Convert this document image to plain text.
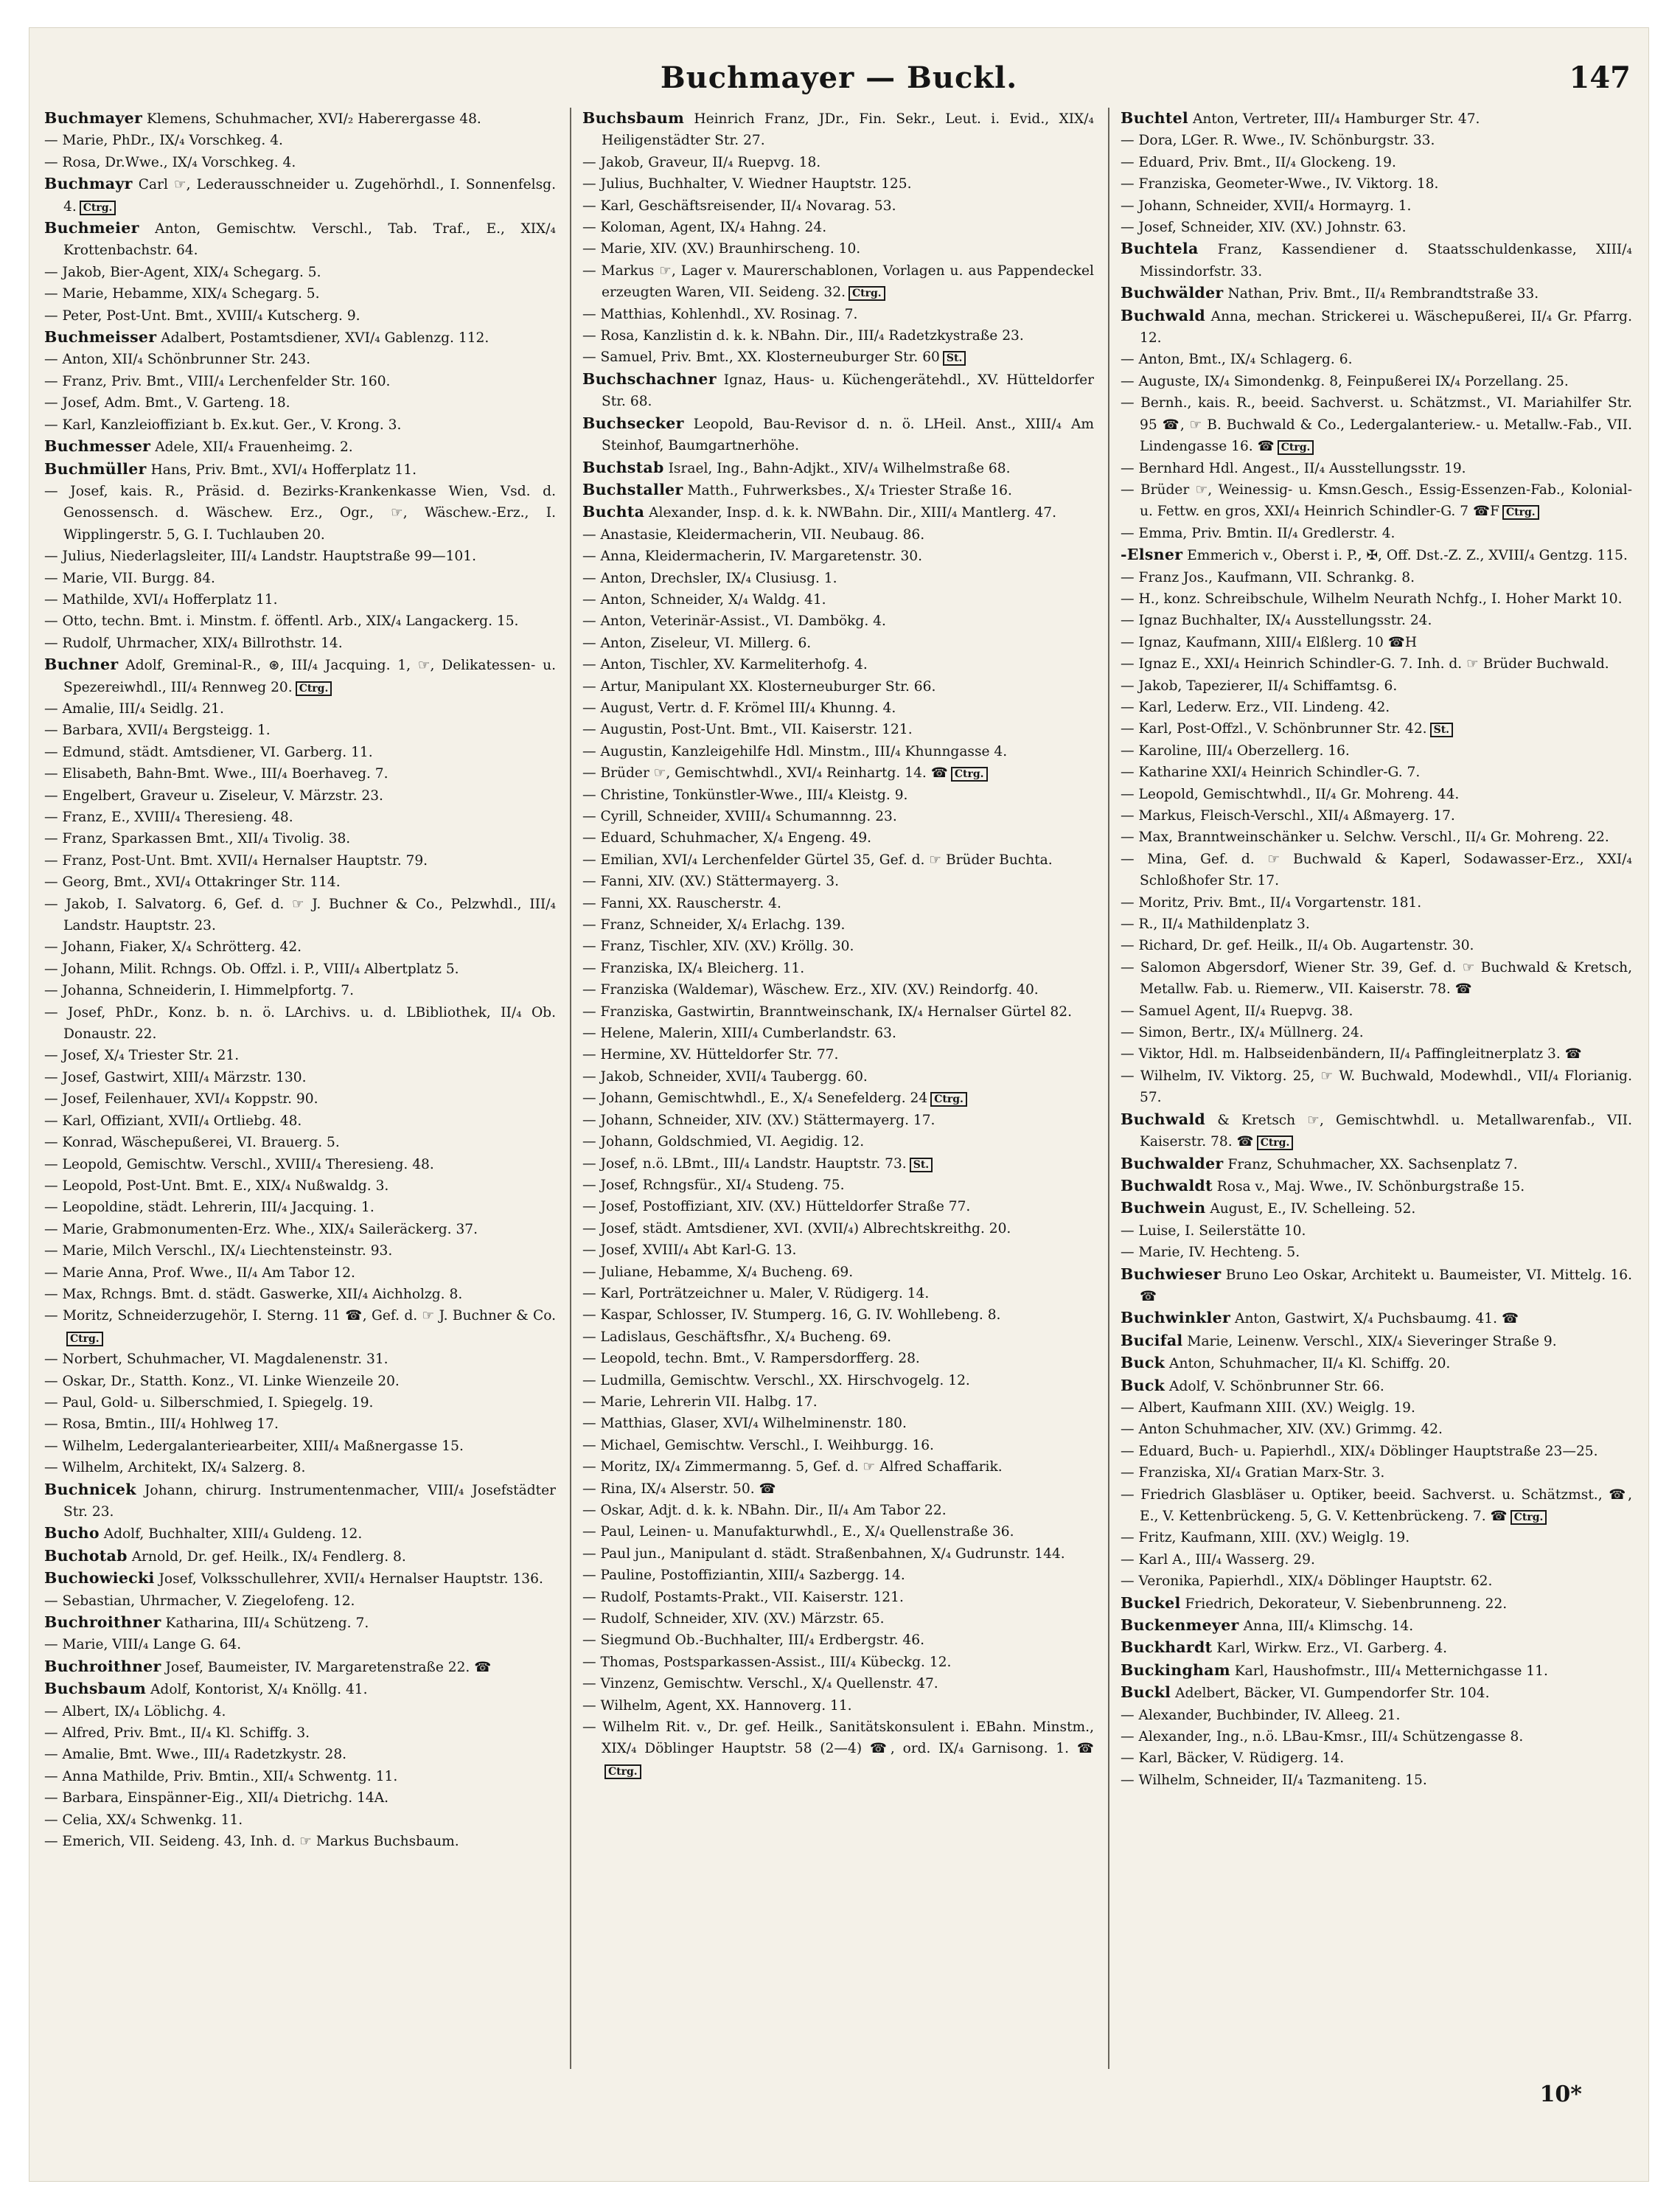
Buchmayer — Buckl.	147
Buchmayer Klemens, Schuhmacher, XVI/₂ Haberergasse 48.
— Marie, PhDr., IX/₄ Vorschkeg. 4.
— Rosa, Dr.Wwe., IX/₄ Vorschkeg. 4.
Buchmayr Carl ☞, Lederausschneider u. Zugehörhdl., I. Sonnenfelsg. 4. Ctrg.
Buchmeier Anton, Gemischtw. Verschl., Tab. Traf., E., XIX/₄ Krottenbachstr. 64.
— Jakob, Bier-Agent, XIX/₄ Schegarg. 5.
— Marie, Hebamme, XIX/₄ Schegarg. 5.
— Peter, Post-Unt. Bmt., XVIII/₄ Kutscherg. 9.
Buchmeisser Adalbert, Postamtsdiener, XVI/₄ Gablenzg. 112.
— Anton, XII/₄ Schönbrunner Str. 243.
— Franz, Priv. Bmt., VIII/₄ Lerchenfelder Str. 160.
— Josef, Adm. Bmt., V. Garteng. 18.
— Karl, Kanzleioffiziant b. Ex.kut. Ger., V. Krong. 3.
Buchmesser Adele, XII/₄ Frauenheimg. 2.
Buchmüller Hans, Priv. Bmt., XVI/₄ Hofferplatz 11.
— Josef, kais. R., Präsid. d. Bezirks-Krankenkasse Wien, Vsd. d. Genossensch. d. Wäschew. Erz., Ogr., ☞, Wäschew.-Erz., I. Wipplingerstr. 5, G. I. Tuchlauben 20.
— Julius, Niederlagsleiter, III/₄ Landstr. Hauptstraße 99—101.
— Marie, VII. Burgg. 84.
— Mathilde, XVI/₄ Hofferplatz 11.
— Otto, techn. Bmt. i. Minstm. f. öffentl. Arb., XIX/₄ Langackerg. 15.
— Rudolf, Uhrmacher, XIX/₄ Billrothstr. 14.
Buchner Adolf, Greminal-R., ⊛, III/₄ Jacquing. 1, ☞, Delikatessen- u. Spezereiwhdl., III/₄ Rennweg 20. Ctrg.
— Amalie, III/₄ Seidlg. 21.
— Barbara, XVII/₄ Bergsteigg. 1.
— Edmund, städt. Amtsdiener, VI. Garberg. 11.
— Elisabeth, Bahn-Bmt. Wwe., III/₄ Boerhaveg. 7.
— Engelbert, Graveur u. Ziseleur, V. Märzstr. 23.
— Franz, E., XVIII/₄ Theresieng. 48.
— Franz, Sparkassen Bmt., XII/₄ Tivolig. 38.
— Franz, Post-Unt. Bmt. XVII/₄ Hernalser Hauptstr. 79.
— Georg, Bmt., XVI/₄ Ottakringer Str. 114.
— Jakob, I. Salvatorg. 6, Gef. d. ☞ J. Buchner & Co., Pelzwhdl., III/₄ Landstr. Hauptstr. 23.
— Johann, Fiaker, X/₄ Schrötterg. 42.
— Johann, Milit. Rchngs. Ob. Offzl. i. P., VIII/₄ Albertplatz 5.
— Johanna, Schneiderin, I. Himmelpfortg. 7.
— Josef, PhDr., Konz. b. n. ö. LArchivs. u. d. LBibliothek, II/₄ Ob. Donaustr. 22.
— Josef, X/₄ Triester Str. 21.
— Josef, Gastwirt, XIII/₄ Märzstr. 130.
— Josef, Feilenhauer, XVI/₄ Koppstr. 90.
— Karl, Offiziant, XVII/₄ Ortliebg. 48.
— Konrad, Wäschepußerei, VI. Brauerg. 5.
— Leopold, Gemischtw. Verschl., XVIII/₄ Theresieng. 48.
— Leopold, Post-Unt. Bmt. E., XIX/₄ Nußwaldg. 3.
— Leopoldine, städt. Lehrerin, III/₄ Jacquing. 1.
— Marie, Grabmonumenten-Erz. Whe., XIX/₄ Saileräckerg. 37.
— Marie, Milch Verschl., IX/₄ Liechtensteinstr. 93.
— Marie Anna, Prof. Wwe., II/₄ Am Tabor 12.
— Max, Rchngs. Bmt. d. städt. Gaswerke, XII/₄ Aichholzg. 8.
— Moritz, Schneiderzugehör, I. Sterng. 11 ☎, Gef. d. ☞ J. Buchner & Co.Ctrg.
— Norbert, Schuhmacher, VI. Magdalenenstr. 31.
— Oskar, Dr., Statth. Konz., VI. Linke Wienzeile 20.
— Paul, Gold- u. Silberschmied, I. Spiegelg. 19.
— Rosa, Bmtin., III/₄ Hohlweg 17.
— Wilhelm, Ledergalanteriearbeiter, XIII/₄ Maßnergasse 15.
— Wilhelm, Architekt, IX/₄ Salzerg. 8.
Buchnicek Johann, chirurg. Instrumentenmacher, VIII/₄ Josefstädter Str. 23.
Bucho Adolf, Buchhalter, XIII/₄ Guldeng. 12.
Buchotab Arnold, Dr. gef. Heilk., IX/₄ Fendlerg. 8.
Buchowiecki Josef, Volksschullehrer, XVII/₄ Hernalser Hauptstr. 136.
— Sebastian, Uhrmacher, V. Ziegelofeng. 12.
Buchroithner Katharina, III/₄ Schützeng. 7.
— Marie, VIII/₄ Lange G. 64.
Buchroithner Josef, Baumeister, IV. Margaretenstraße 22. ☎
Buchsbaum Adolf, Kontorist, X/₄ Knöllg. 41.
— Albert, IX/₄ Löblichg. 4.
— Alfred, Priv. Bmt., II/₄ Kl. Schiffg. 3.
— Amalie, Bmt. Wwe., III/₄ Radetzkystr. 28.
— Anna Mathilde, Priv. Bmtin., XII/₄ Schwentg. 11.
— Barbara, Einspänner-Eig., XII/₄ Dietrichg. 14A.
— Celia, XX/₄ Schwenkg. 11.
— Emerich, VII. Seideng. 43, Inh. d. ☞ Markus Buchsbaum.
Buchsbaum Heinrich Franz, JDr., Fin. Sekr., Leut. i. Evid., XIX/₄ Heiligenstädter Str. 27.
— Jakob, Graveur, II/₄ Ruepvg. 18.
— Julius, Buchhalter, V. Wiedner Hauptstr. 125.
— Karl, Geschäftsreisender, II/₄ Novarag. 53.
— Koloman, Agent, IX/₄ Hahng. 24.
— Marie, XIV. (XV.) Braunhirscheng. 10.
— Markus ☞, Lager v. Maurerschablonen, Vorlagen u. aus Pappendeckel erzeugten Waren, VII. Seideng. 32. Ctrg.
— Matthias, Kohlenhdl., XV. Rosinag. 7.
— Rosa, Kanzlistin d. k. k. NBahn. Dir., III/₄ Radetzkystraße 23.
— Samuel, Priv. Bmt., XX. Klosterneuburger Str. 60 St.
Buchschachner Ignaz, Haus- u. Küchengerätehdl., XV. Hütteldorfer Str. 68.
Buchsecker Leopold, Bau-Revisor d. n. ö. LHeil. Anst., XIII/₄ Am Steinhof, Baumgartnerhöhe.
Buchstab Israel, Ing., Bahn-Adjkt., XIV/₄ Wilhelmstraße 68.
Buchstaller Matth., Fuhrwerksbes., X/₄ Triester Straße 16.
Buchta Alexander, Insp. d. k. k. NWBahn. Dir., XIII/₄ Mantlerg. 47.
— Anastasie, Kleidermacherin, VII. Neubaug. 86.
— Anna, Kleidermacherin, IV. Margaretenstr. 30.
— Anton, Drechsler, IX/₄ Clusiusg. 1.
— Anton, Schneider, X/₄ Waldg. 41.
— Anton, Veterinär-Assist., VI. Dambökg. 4.
— Anton, Ziseleur, VI. Millerg. 6.
— Anton, Tischler, XV. Karmeliterhofg. 4.
— Artur, Manipulant XX. Klosterneuburger Str. 66.
— August, Vertr. d. F. Krömel III/₄ Khunng. 4.
— Augustin, Post-Unt. Bmt., VII. Kaiserstr. 121.
— Augustin, Kanzleigehilfe Hdl. Minstm., III/₄ Khunngasse 4.
— Brüder ☞, Gemischtwhdl., XVI/₄ Reinhartg. 14. ☎ Ctrg.
— Christine, Tonkünstler-Wwe., III/₄ Kleistg. 9.
— Cyrill, Schneider, XVIII/₄ Schumannng. 23.
— Eduard, Schuhmacher, X/₄ Engeng. 49.
— Emilian, XVI/₄ Lerchenfelder Gürtel 35, Gef. d. ☞ Brüder Buchta.
— Fanni, XIV. (XV.) Stättermayerg. 3.
— Fanni, XX. Rauscherstr. 4.
— Franz, Schneider, X/₄ Erlachg. 139.
— Franz, Tischler, XIV. (XV.) Kröllg. 30.
— Franziska, IX/₄ Bleicherg. 11.
— Franziska (Waldemar), Wäschew. Erz., XIV. (XV.) Reindorfg. 40.
— Franziska, Gastwirtin, Branntweinschank, IX/₄ Hernalser Gürtel 82.
— Helene, Malerin, XIII/₄ Cumberlandstr. 63.
— Hermine, XV. Hütteldorfer Str. 77.
— Jakob, Schneider, XVII/₄ Taubergg. 60.
— Johann, Gemischtwhdl., E., X/₄ Senefelderg. 24 Ctrg.
— Johann, Schneider, XIV. (XV.) Stättermayerg. 17.
— Johann, Goldschmied, VI. Aegidig. 12.
— Josef, n.ö. LBmt., III/₄ Landstr. Hauptstr. 73. St.
— Josef, Rchngsfür., XI/₄ Studeng. 75.
— Josef, Postoffiziant, XIV. (XV.) Hütteldorfer Straße 77.
— Josef, städt. Amtsdiener, XVI. (XVII/₄) Albrechtskreithg. 20.
— Josef, XVIII/₄ Abt Karl-G. 13.
— Juliane, Hebamme, X/₄ Bucheng. 69.
— Karl, Porträtzeichner u. Maler, V. Rüdigerg. 14.
— Kaspar, Schlosser, IV. Stumperg. 16, G. IV. Wohllebeng. 8.
— Ladislaus, Geschäftsfhr., X/₄ Bucheng. 69.
— Leopold, techn. Bmt., V. Rampersdorfferg. 28.
— Ludmilla, Gemischtw. Verschl., XX. Hirschvogelg. 12.
— Marie, Lehrerin VII. Halbg. 17.
— Matthias, Glaser, XVI/₄ Wilhelminenstr. 180.
— Michael, Gemischtw. Verschl., I. Weihburgg. 16.
— Moritz, IX/₄ Zimmermanng. 5, Gef. d. ☞ Alfred Schaffarik.
— Rina, IX/₄ Alserstr. 50. ☎
— Oskar, Adjt. d. k. k. NBahn. Dir., II/₄ Am Tabor 22.
— Paul, Leinen- u. Manufakturwhdl., E., X/₄ Quellenstraße 36.
— Paul jun., Manipulant d. städt. Straßenbahnen, X/₄ Gudrunstr. 144.
— Pauline, Postoffiziantin, XIII/₄ Sazbergg. 14.
— Rudolf, Postamts-Prakt., VII. Kaiserstr. 121.
— Rudolf, Schneider, XIV. (XV.) Märzstr. 65.
— Siegmund Ob.-Buchhalter, III/₄ Erdbergstr. 46.
— Thomas, Postsparkassen-Assist., III/₄ Kübeckg. 12.
— Vinzenz, Gemischtw. Verschl., X/₄ Quellenstr. 47.
— Wilhelm, Agent, XX. Hannoverg. 11.
— Wilhelm Rit. v., Dr. gef. Heilk., Sanitätskonsulent i. EBahn. Minstm., XIX/₄ Döblinger Hauptstr. 58 (2—4) ☎, ord. IX/₄ Garnisong. 1. ☎Ctrg.
Buchtel Anton, Vertreter, III/₄ Hamburger Str. 47.
— Dora, LGer. R. Wwe., IV. Schönburgstr. 33.
— Eduard, Priv. Bmt., II/₄ Glockeng. 19.
— Franziska, Geometer-Wwe., IV. Viktorg. 18.
— Johann, Schneider, XVII/₄ Hormayrg. 1.
— Josef, Schneider, XIV. (XV.) Johnstr. 63.
Buchtela Franz, Kassendiener d. Staatsschuldenkasse, XIII/₄ Missindorfstr. 33.
Buchwälder Nathan, Priv. Bmt., II/₄ Rembrandtstraße 33.
Buchwald Anna, mechan. Strickerei u. Wäschepußerei, II/₄ Gr. Pfarrg. 12.
— Anton, Bmt., IX/₄ Schlagerg. 6.
— Auguste, IX/₄ Simondenkg. 8, Feinpußerei IX/₄ Porzellang. 25.
— Bernh., kais. R., beeid. Sachverst. u. Schätzmst., VI. Mariahilfer Str. 95 ☎, ☞ B. Buchwald & Co., Ledergalanteriew.- u. Metallw.-Fab., VII. Lindengasse 16. ☎ Ctrg.
— Bernhard Hdl. Angest., II/₄ Ausstellungsstr. 19.
— Brüder ☞, Weinessig- u. Kmsn.Gesch., Essig-Essenzen-Fab., Kolonial- u. Fettw. en gros, XXI/₄ Heinrich Schindler-G. 7 ☎F Ctrg.
— Emma, Priv. Bmtin. II/₄ Gredlerstr. 4.
-Elsner Emmerich v., Oberst i. P., ✠, Off. Dst.-Z. Z., XVIII/₄ Gentzg. 115.
— Franz Jos., Kaufmann, VII. Schrankg. 8.
— H., konz. Schreibschule, Wilhelm Neurath Nchfg., I. Hoher Markt 10.
— Ignaz Buchhalter, IX/₄ Ausstellungsstr. 24.
— Ignaz, Kaufmann, XIII/₄ Elßlerg. 10 ☎H
— Ignaz E., XXI/₄ Heinrich Schindler-G. 7. Inh. d. ☞ Brüder Buchwald.
— Jakob, Tapezierer, II/₄ Schiffamtsg. 6.
— Karl, Lederw. Erz., VII. Lindeng. 42.
— Karl, Post-Offzl., V. Schönbrunner Str. 42. St.
— Karoline, III/₄ Oberzellerg. 16.
— Katharine XXI/₄ Heinrich Schindler-G. 7.
— Leopold, Gemischtwhdl., II/₄ Gr. Mohreng. 44.
— Markus, Fleisch-Verschl., XII/₄ Aßmayerg. 17.
— Max, Branntweinschänker u. Selchw. Verschl., II/₄ Gr. Mohreng. 22.
— Mina, Gef. d. ☞ Buchwald & Kaperl, Sodawasser-Erz., XXI/₄ Schloßhofer Str. 17.
— Moritz, Priv. Bmt., II/₄ Vorgartenstr. 181.
— R., II/₄ Mathildenplatz 3.
— Richard, Dr. gef. Heilk., II/₄ Ob. Augartenstr. 30.
— Salomon Abgersdorf, Wiener Str. 39, Gef. d. ☞ Buchwald & Kretsch, Metallw. Fab. u. Riemerw., VII. Kaiserstr. 78. ☎
— Samuel Agent, II/₄ Ruepvg. 38.
— Simon, Bertr., IX/₄ Müllnerg. 24.
— Viktor, Hdl. m. Halbseidenbändern, II/₄ Paffingleitnerplatz 3. ☎
— Wilhelm, IV. Viktorg. 25, ☞ W. Buchwald, Modewhdl., VII/₄ Florianig. 57.
Buchwald & Kretsch ☞, Gemischtwhdl. u. Metallwarenfab., VII. Kaiserstr. 78. ☎ Ctrg.
Buchwalder Franz, Schuhmacher, XX. Sachsenplatz 7.
Buchwaldt Rosa v., Maj. Wwe., IV. Schönburgstraße 15.
Buchwein August, E., IV. Schelleing. 52.
— Luise, I. Seilerstätte 10.
— Marie, IV. Hechteng. 5.
Buchwieser Bruno Leo Oskar, Architekt u. Baumeister, VI. Mittelg. 16. ☎
Buchwinkler Anton, Gastwirt, X/₄ Puchsbaumg. 41. ☎
Bucifal Marie, Leinenw. Verschl., XIX/₄ Sieveringer Straße 9.
Buck Anton, Schuhmacher, II/₄ Kl. Schiffg. 20.
Buck Adolf, V. Schönbrunner Str. 66.
— Albert, Kaufmann XIII. (XV.) Weiglg. 19.
— Anton Schuhmacher, XIV. (XV.) Grimmg. 42.
— Eduard, Buch- u. Papierhdl., XIX/₄ Döblinger Hauptstraße 23—25.
— Franziska, XI/₄ Gratian Marx-Str. 3.
— Friedrich Glasbläser u. Optiker, beeid. Sachverst. u. Schätzmst., ☎, E., V. Kettenbrückeng. 5, G. V. Kettenbrückeng. 7. ☎ Ctrg.
— Fritz, Kaufmann, XIII. (XV.) Weiglg. 19.
— Karl A., III/₄ Wasserg. 29.
— Veronika, Papierhdl., XIX/₄ Döblinger Hauptstr. 62.
Buckel Friedrich, Dekorateur, V. Siebenbrunneng. 22.
Buckenmeyer Anna, III/₄ Klimschg. 14.
Buckhardt Karl, Wirkw. Erz., VI. Garberg. 4.
Buckingham Karl, Haushofmstr., III/₄ Metternichgasse 11.
Buckl Adelbert, Bäcker, VI. Gumpendorfer Str. 104.
— Alexander, Buchbinder, IV. Alleeg. 21.
— Alexander, Ing., n.ö. LBau-Kmsr., III/₄ Schützengasse 8.
— Karl, Bäcker, V. Rüdigerg. 14.
— Wilhelm, Schneider, II/₄ Tazmaniteng. 15.
10*
